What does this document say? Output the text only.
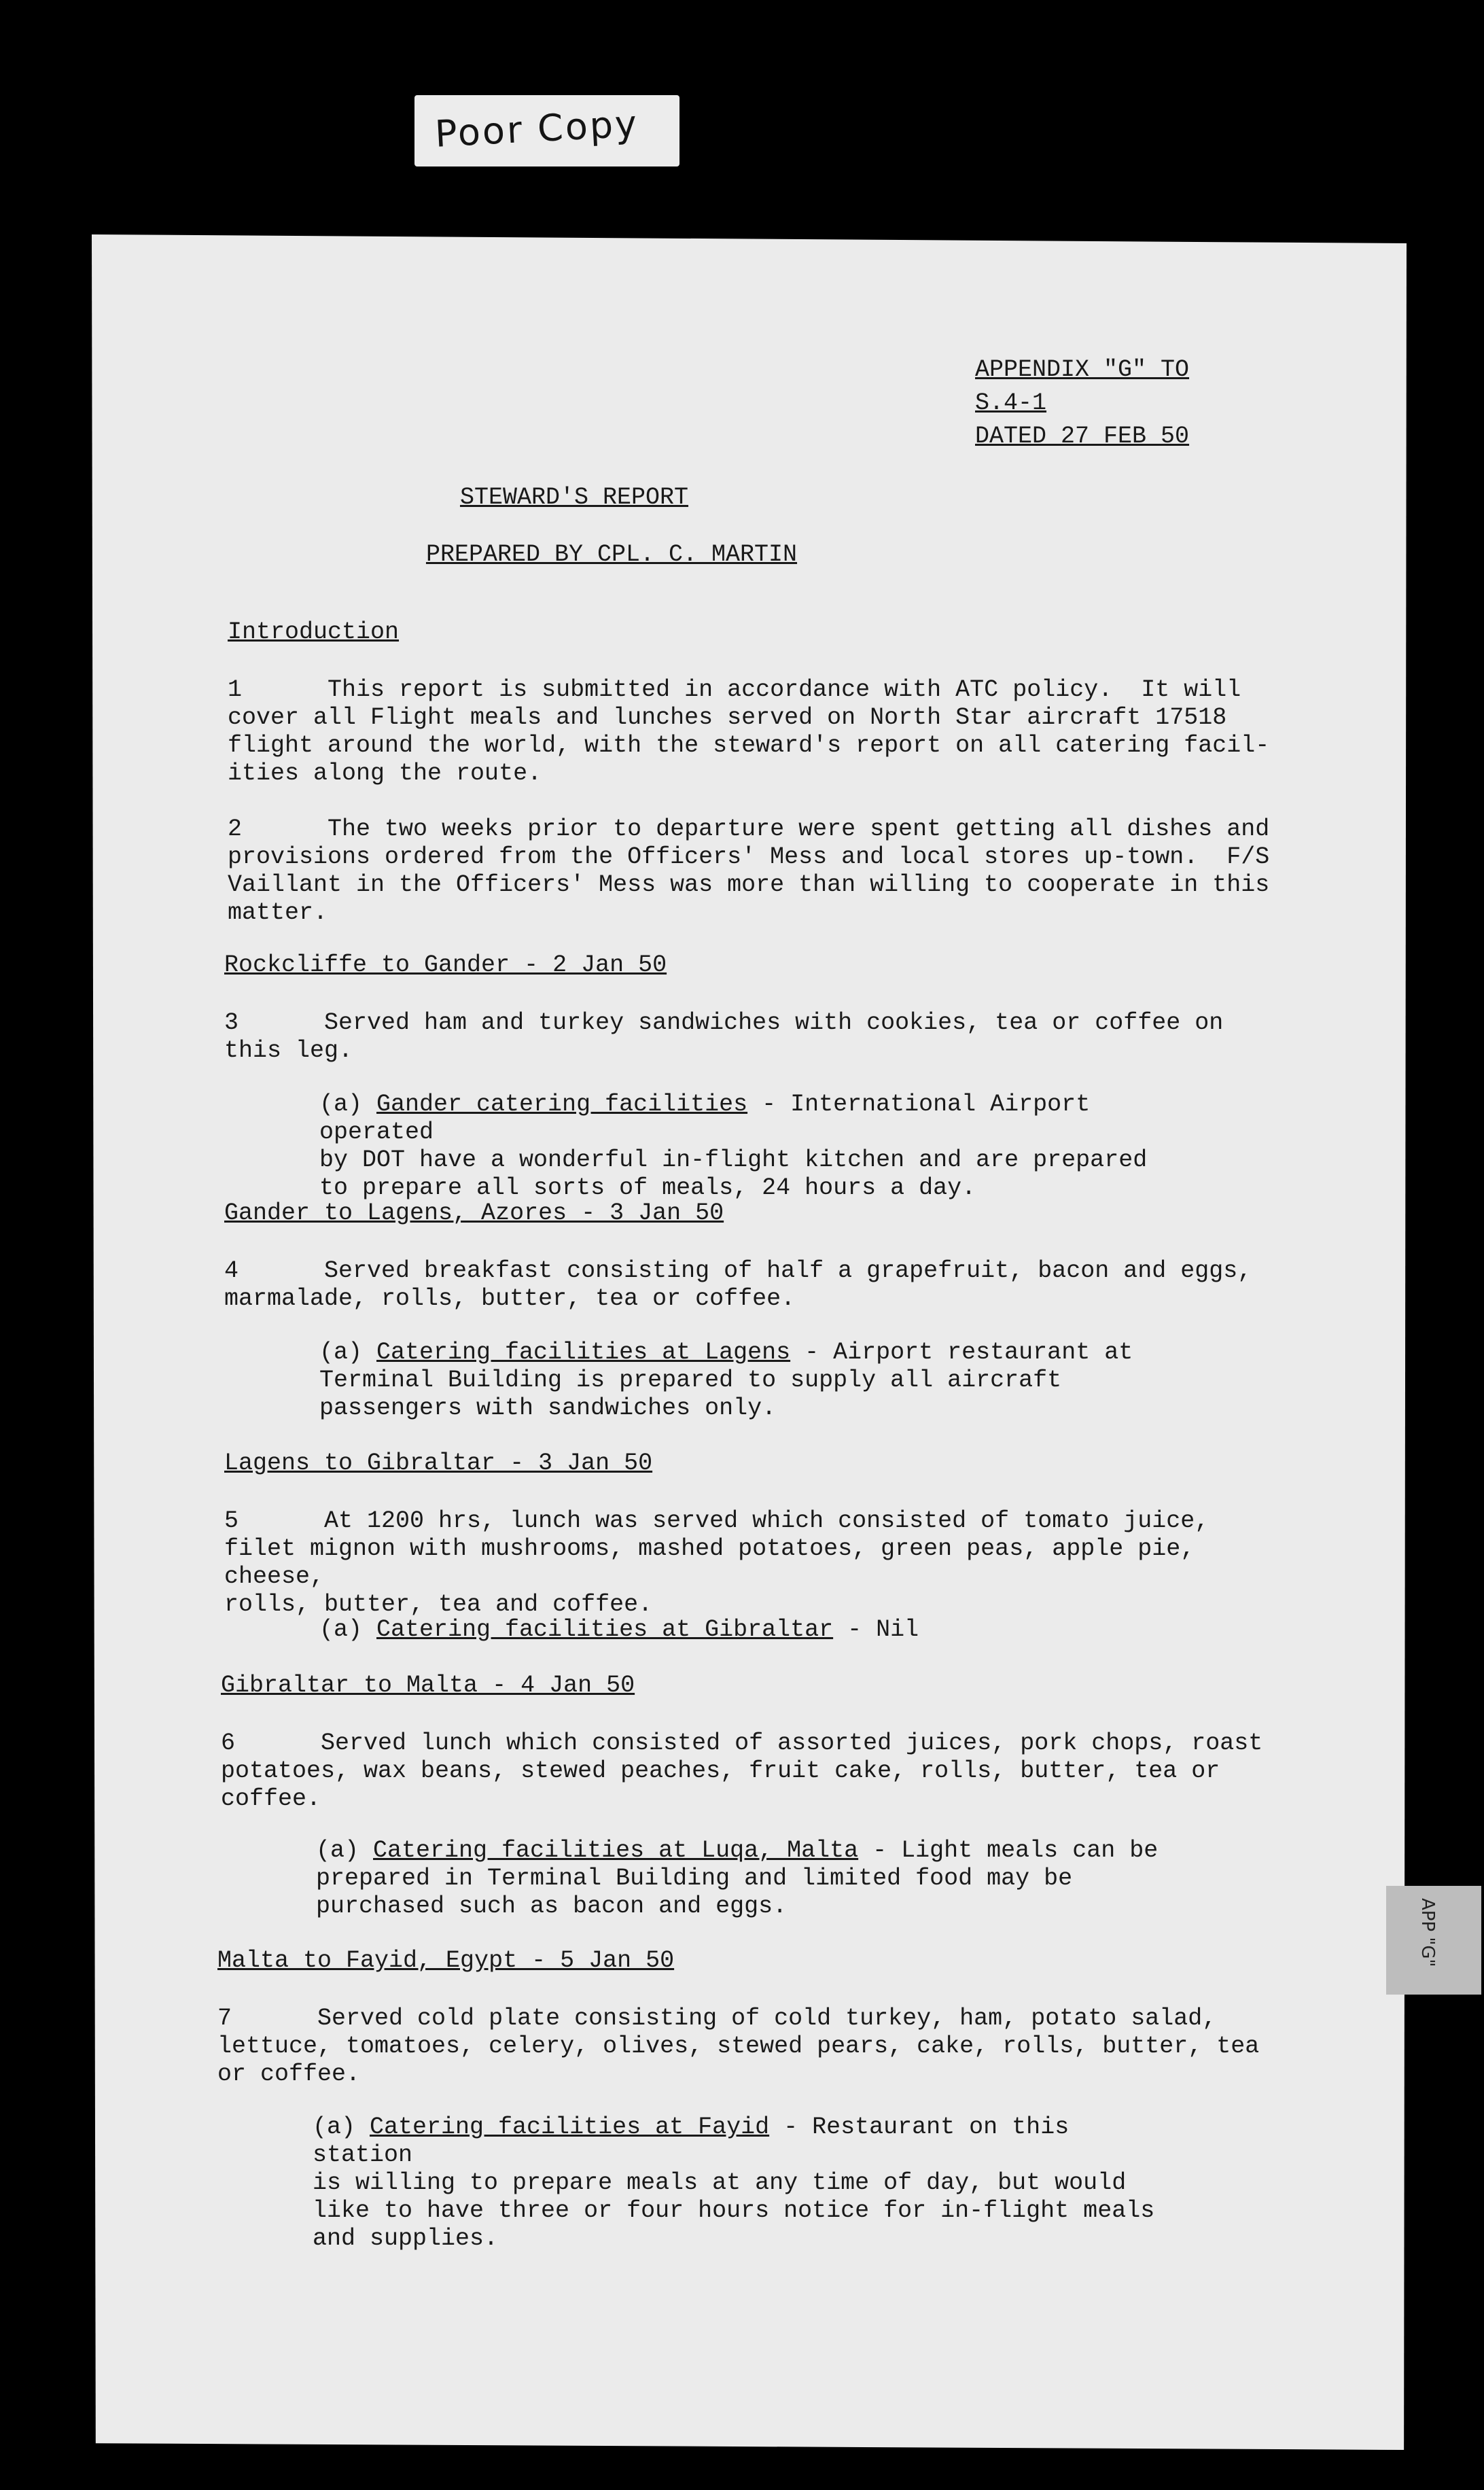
Poor Copy
APP "G"
APPENDIX "G" TO
S.4-1
DATED 27 FEB 50
STEWARD'S REPORT
PREPARED BY CPL. C. MARTIN
Introduction
1      This report is submitted in accordance with ATC policy.  It will
cover all Flight meals and lunches served on North Star aircraft 17518
flight around the world, with the steward's report on all catering facil-
ities along the route.
2      The two weeks prior to departure were spent getting all dishes and
provisions ordered from the Officers' Mess and local stores up-town.  F/S
Vaillant in the Officers' Mess was more than willing to cooperate in this
matter.
Rockcliffe to Gander - 2 Jan 50
3      Served ham and turkey sandwiches with cookies, tea or coffee on
this leg.
(a) Gander catering facilities - International Airport operated
by DOT have a wonderful in-flight kitchen and are prepared
to prepare all sorts of meals, 24 hours a day.
Gander to Lagens, Azores - 3 Jan 50
4      Served breakfast consisting of half a grapefruit, bacon and eggs,
marmalade, rolls, butter, tea or coffee.
(a) Catering facilities at Lagens - Airport restaurant at
Terminal Building is prepared to supply all aircraft
passengers with sandwiches only.
Lagens to Gibraltar - 3 Jan 50
5      At 1200 hrs, lunch was served which consisted of tomato juice,
filet mignon with mushrooms, mashed potatoes, green peas, apple pie, cheese,
rolls, butter, tea and coffee.
(a) Catering facilities at Gibraltar - Nil
Gibraltar to Malta - 4 Jan 50
6      Served lunch which consisted of assorted juices, pork chops, roast
potatoes, wax beans, stewed peaches, fruit cake, rolls, butter, tea or
coffee.
(a) Catering facilities at Luqa, Malta - Light meals can be
prepared in Terminal Building and limited food may be
purchased such as bacon and eggs.
Malta to Fayid, Egypt - 5 Jan 50
7      Served cold plate consisting of cold turkey, ham, potato salad,
lettuce, tomatoes, celery, olives, stewed pears, cake, rolls, butter, tea
or coffee.
(a) Catering facilities at Fayid - Restaurant on this station
is willing to prepare meals at any time of day, but would
like to have three or four hours notice for in-flight meals
and supplies.
